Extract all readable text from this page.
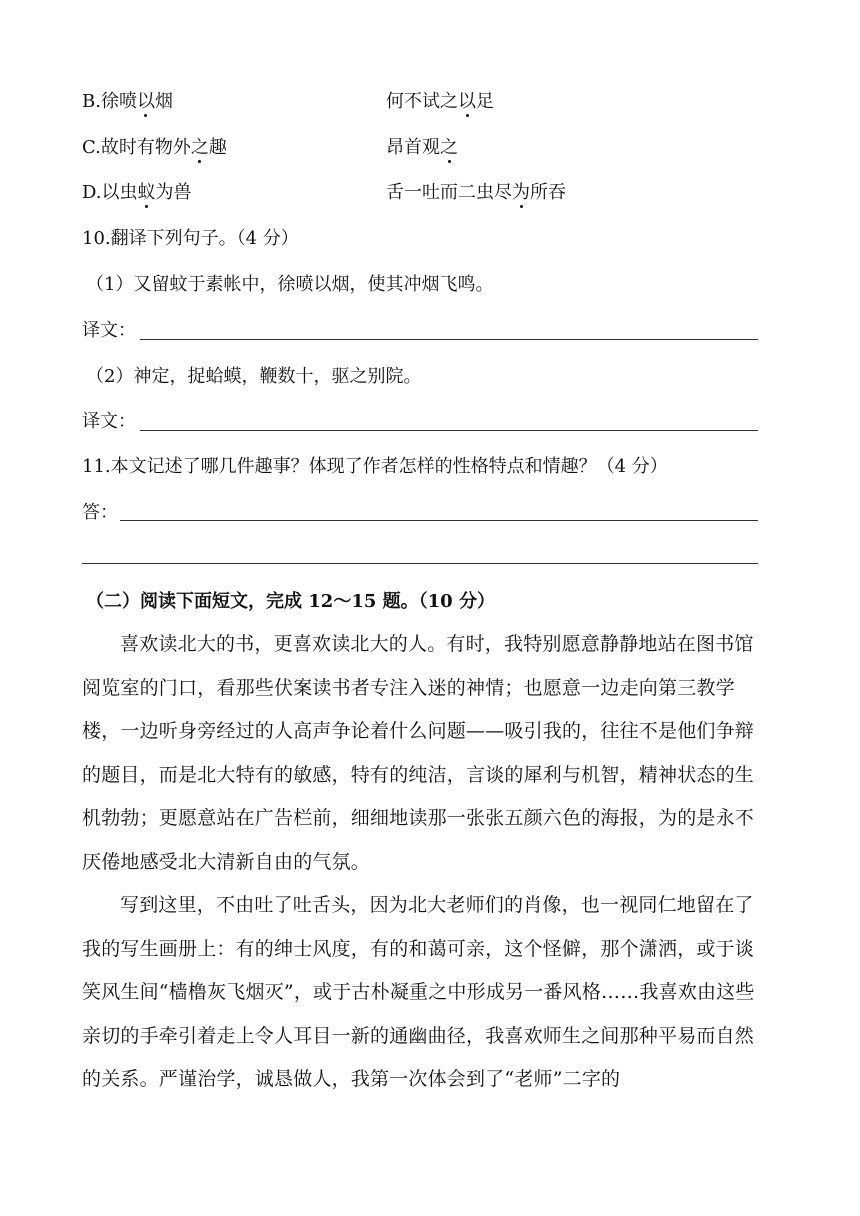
B.徐喷以烟	何不试之以足
C.故时有物外之趣	昂首观之
D.以虫蚁为兽	舌一吐而二虫尽为所吞
10.翻译下列句子。（4 分）
（1）又留蚊于素帐中，徐喷以烟，使其冲烟飞鸣。
译文：
（2）神定，捉蛤蟆，鞭数十，驱之别院。
译文：
11.本文记述了哪几件趣事？体现了作者怎样的性格特点和情趣？（4 分）
答：
（二）阅读下面短文，完成 12～15 题。（10 分）

喜欢读北大的书，更喜欢读北大的人。有时，我特别愿意静静地站在图书馆阅览室的门口，看那些伏案读书者专注入迷的神情；也愿意一边走向第三教学楼，一边听身旁经过的人高声争论着什么问题——吸引我的，往往不是他们争辩的题目，而是北大特有的敏感，特有的纯洁，言谈的犀利与机智，精神状态的生机勃勃；更愿意站在广告栏前，细细地读那一张张五颜六色的海报，为的是永不厌倦地感受北大清新自由的气氛。

写到这里，不由吐了吐舌头，因为北大老师们的肖像，也一视同仁地留在了我的写生画册上：有的绅士风度，有的和蔼可亲，这个怪僻，那个潇洒，或于谈笑风生间“樯橹灰飞烟灭”，或于古朴凝重之中形成另一番风格……我喜欢由这些亲切的手牵引着走上令人耳目一新的通幽曲径，我喜欢师生之间那种平易而自然的关系。严谨治学，诚恳做人，我第一次体会到了“老师”二字的
